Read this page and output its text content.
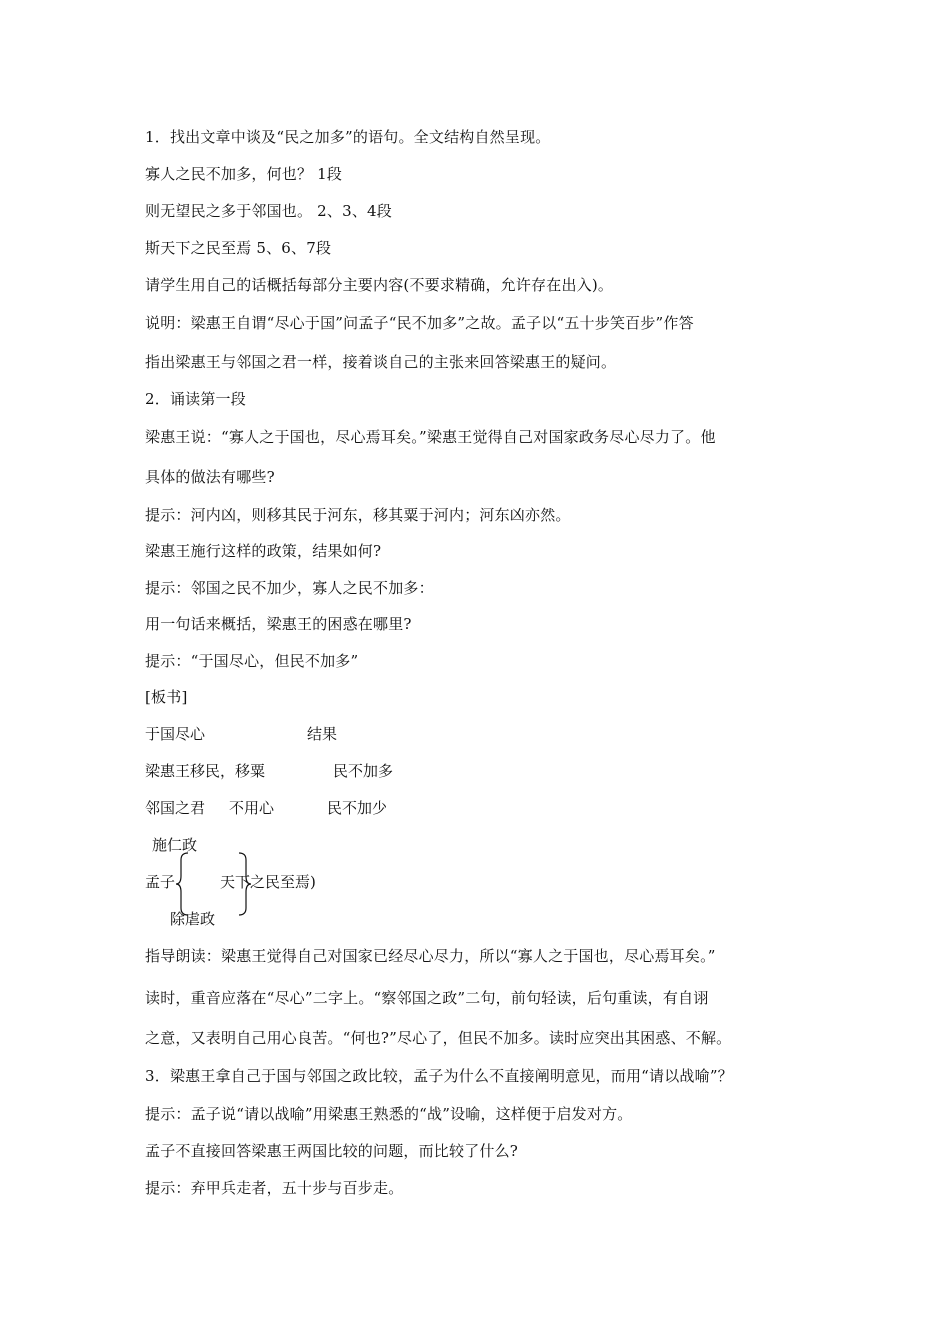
1．找出文章中谈及“民之加多”的语句。全文结构自然呈现。
寡人之民不加多，何也？ 1段
则无望民之多于邻国也。 2、3、4段
斯天下之民至焉 5、6、7段
请学生用自己的话概括每部分主要内容(不要求精确，允许存在出入)。
说明：梁惠王自谓“尽心于国”问孟子“民不加多”之故。孟子以“五十步笑百步”作答
指出梁惠王与邻国之君一样，接着谈自己的主张来回答梁惠王的疑问。
2．诵读第一段
梁惠王说：“寡人之于国也，尽心焉耳矣。”梁惠王觉得自己对国家政务尽心尽力了。他
具体的做法有哪些?
提示：河内凶，则移其民于河东，移其粟于河内；河东凶亦然。
梁惠王施行这样的政策，结果如何?
提示：邻国之民不加少，寡人之民不加多：
用一句话来概括，梁惠王的困惑在哪里?
提示：“于国尽心，但民不加多”
[板书]
于国尽心	结果
梁惠王移民，移粟	民不加多
邻国之君 不用心	民不加少
施仁政
孟子	天下之民至焉)
除虐政
指导朗读：梁惠王觉得自己对国家已经尽心尽力，所以“寡人之于国也，尽心焉耳矣。”
读时，重音应落在“尽心”二字上。“察邻国之政”二句，前句轻读，后句重读，有自诩
之意，又表明自己用心良苦。“何也?”尽心了，但民不加多。读时应突出其困惑、不解。
3．梁惠王拿自己于国与邻国之政比较，孟子为什么不直接阐明意见，而用“请以战喻”？
提示：孟子说“请以战喻”用梁惠王熟悉的“战”设喻，这样便于启发对方。
孟子不直接回答梁惠王两国比较的问题，而比较了什么?
提示：弃甲兵走者，五十步与百步走。
